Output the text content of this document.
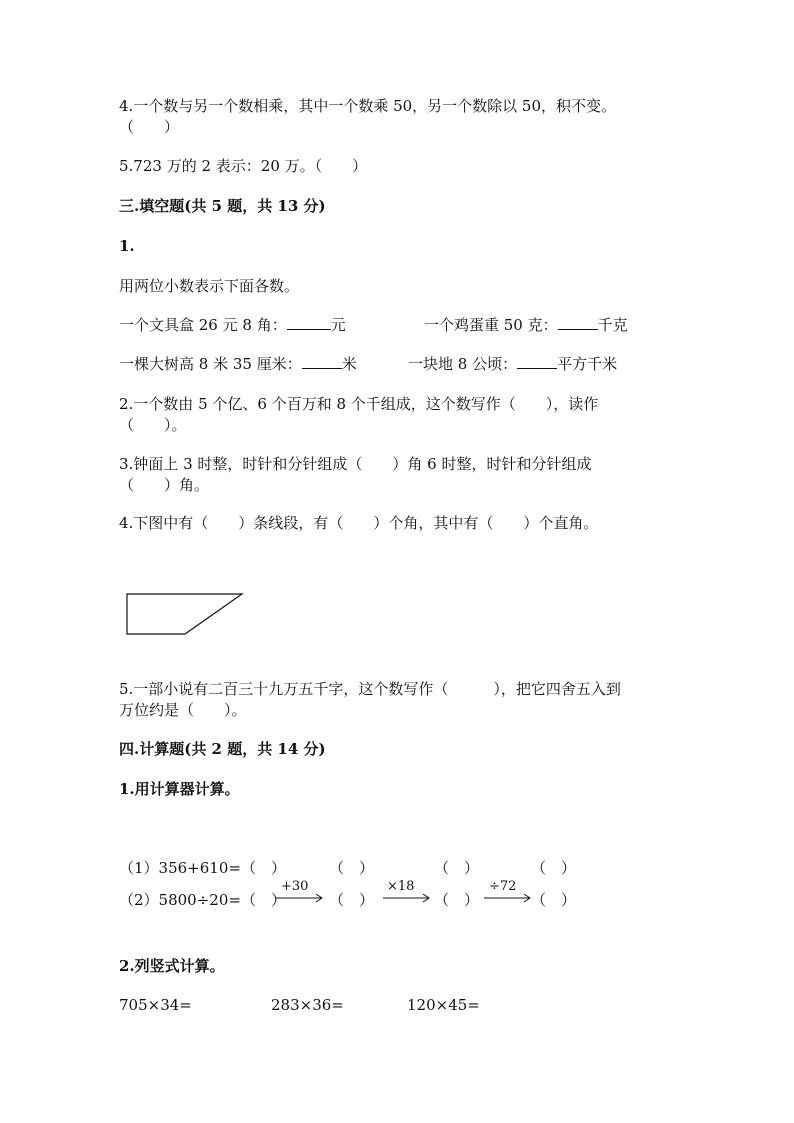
4.一个数与另一个数相乘，其中一个数乘 50，另一个数除以 50，积不变。
（　　）
5.723 万的 2 表示：20 万。（　　）
三.填空题(共 5 题，共 13 分)
1.
用两位小数表示下面各数。
一个文具盒 26 元 8 角：	元	一个鸡蛋重 50 克：	千克
一棵大树高 8 米 35 厘米：	米	一块地 8 公顷：	平方千米
2.一个数由 5 个亿、6 个百万和 8 个千组成，这个数写作（　　），读作
（　　）。
3.钟面上 3 时整，时针和分针组成（　　）角 6 时整，时针和分针组成
（　　）角。
4.下图中有（　　）条线段，有（　　）个角，其中有（　　）个直角。
5.一部小说有二百三十九万五千字，这个数写作（　　　），把它四舍五入到
万位约是（　　）。
四.计算题(共 2 题，共 14 分)
1.用计算器计算。
（1）356+610=（　）	（　）	（　）	（　）
（2）5800÷20=（　）	（　）	（　）	（　）
+30	×18	÷72
2.列竖式计算。
705×34=	283×36=	120×45=
